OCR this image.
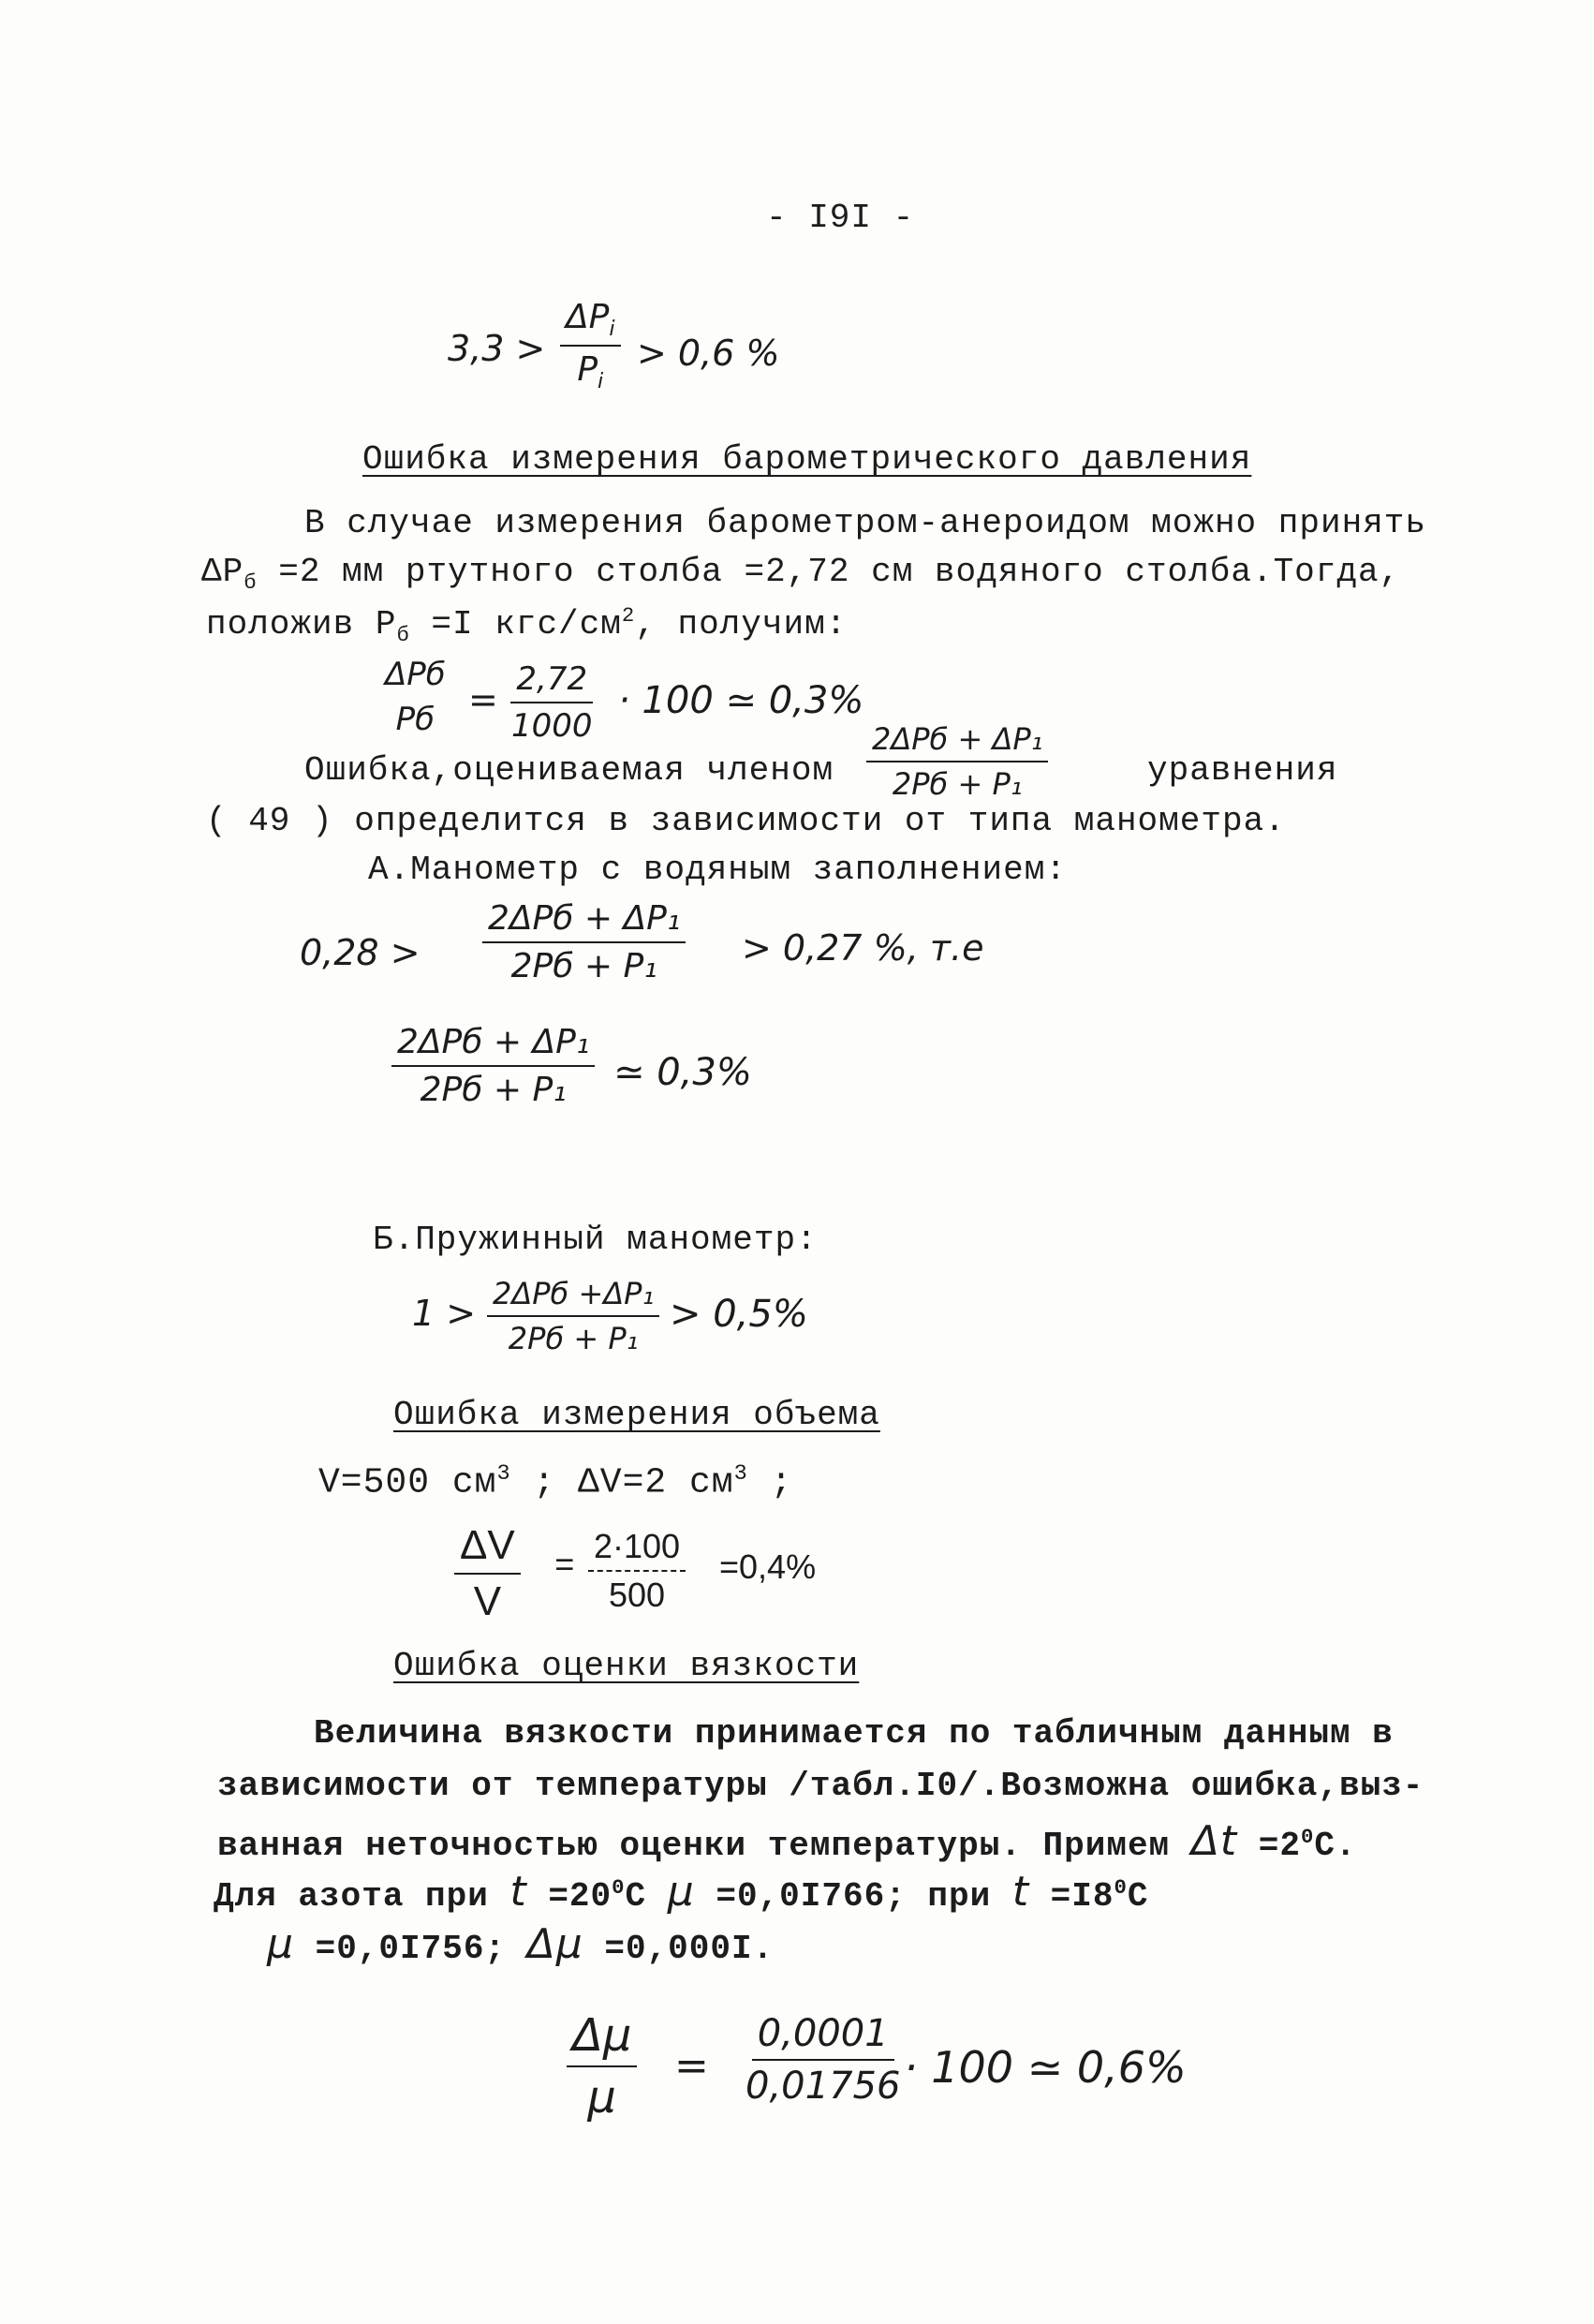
- I9I -
3,3 >
$\Delta P_i$
$P_i$
> 0,6 %
Ошибка измерения барометрического давления
В случае измерения барометром-анероидом можно принять
$\Delta P_б =2$ мм ртутного столба =2,72 см водяного столба.Тогда,
положив $P_б =I$ кгс/$см^2$, получим:
ΔPб
Pб = $\frac{2,72}{1000} \cdot 100$ ≃ 0,3%
Ошибка,оцениваемая членом
2ΔPб + ΔP₁
2Pб + P₁	уравнения
( 49 ) определится в зависимости от типа манометра.
А.Манометр с водяным заполнением:
0,28 >
2ΔPб + ΔP₁
2Pб + P₁ > 0,27 %, т.е
2ΔPб + ΔP₁
2Pб + P₁ ≃ 0,3%
Б.Пружинный манометр:
1 > 2ΔPб +ΔP₁
2Pб + P₁
> 0,5%
Ошибка измерения объема
V=500 $см^3$ ; ΔV=2 $см^3$ ;
$\frac{\Delta V}{V} = \frac{2\cdot 100}{500} =0,4\%$
Ошибка оценки вязкости
Величина вязкости принимается по табличным данным в
зависимости от температуры /табл.I0/.Возможна ошибка,выз-
ванная неточностью оценки температуры. Примем $\Delta t =2^0C$.
Для азота при $t =20^0C$ μ =0,0I766; при $t =I8^0C$
μ =0,0I756; Δμ =0,000I.
$\frac{\Delta\mu}{\mu} = \frac{0,0001}{0,01756}$
· 100 ≃ 0,6%
